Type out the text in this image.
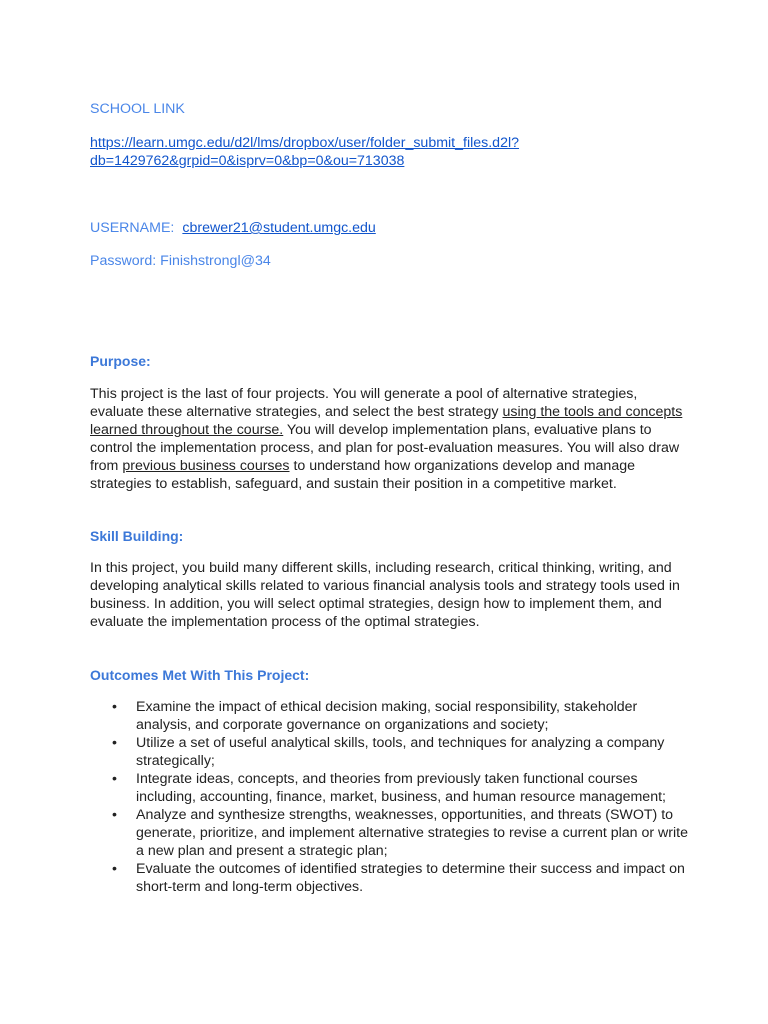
SCHOOL LINK

https://learn.umgc.edu/d2l/lms/dropbox/user/folder_submit_files.d2l?
db=1429762&grpid=0&isprv=0&bp=0&ou=713038

USERNAME: cbrewer21@student.umgc.edu

Password: Finishstrongl@34

Purpose:

This project is the last of four projects. You will generate a pool of alternative strategies, evaluate these alternative strategies, and select the best strategy using the tools and concepts learned throughout the course. You will develop implementation plans, evaluative plans to control the implementation process, and plan for post-evaluation measures. You will also draw from previous business courses to understand how organizations develop and manage strategies to establish, safeguard, and sustain their position in a competitive market.

Skill Building:

In this project, you build many different skills, including research, critical thinking, writing, and developing analytical skills related to various financial analysis tools and strategy tools used in business. In addition, you will select optimal strategies, design how to implement them, and evaluate the implementation process of the optimal strategies.

Outcomes Met With This Project:

• Examine the impact of ethical decision making, social responsibility, stakeholder analysis, and corporate governance on organizations and society;
• Utilize a set of useful analytical skills, tools, and techniques for analyzing a company strategically;
• Integrate ideas, concepts, and theories from previously taken functional courses including, accounting, finance, market, business, and human resource management;
• Analyze and synthesize strengths, weaknesses, opportunities, and threats (SWOT) to generate, prioritize, and implement alternative strategies to revise a current plan or write a new plan and present a strategic plan;
• Evaluate the outcomes of identified strategies to determine their success and impact on short-term and long-term objectives.
